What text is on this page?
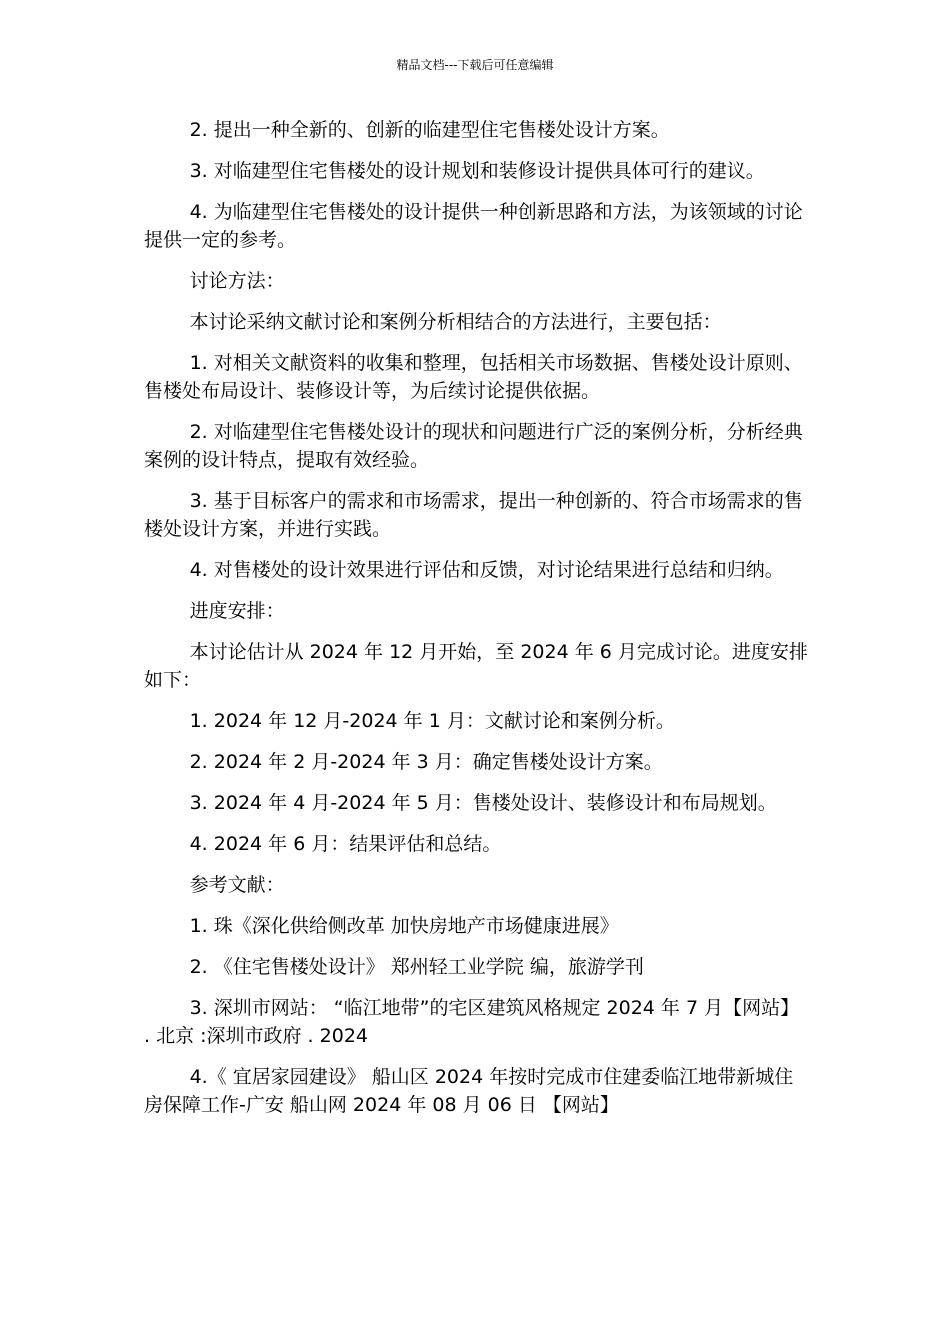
精品文档---下载后可任意编辑

2. 提出一种全新的、创新的临建型住宅售楼处设计方案。

3. 对临建型住宅售楼处的设计规划和装修设计提供具体可行的建议。

4. 为临建型住宅售楼处的设计提供一种创新思路和方法，为该领域的讨论提供一定的参考。

讨论方法：

本讨论采纳文献讨论和案例分析相结合的方法进行，主要包括：

1. 对相关文献资料的收集和整理，包括相关市场数据、售楼处设计原则、售楼处布局设计、装修设计等，为后续讨论提供依据。

2. 对临建型住宅售楼处设计的现状和问题进行广泛的案例分析，分析经典案例的设计特点，提取有效经验。

3. 基于目标客户的需求和市场需求，提出一种创新的、符合市场需求的售楼处设计方案，并进行实践。

4. 对售楼处的设计效果进行评估和反馈，对讨论结果进行总结和归纳。

进度安排：

本讨论估计从 2024 年 12 月开始，至 2024 年 6 月完成讨论。进度安排如下：

1. 2024 年 12 月-2024 年 1 月：文献讨论和案例分析。

2. 2024 年 2 月-2024 年 3 月：确定售楼处设计方案。

3. 2024 年 4 月-2024 年 5 月：售楼处设计、装修设计和布局规划。

4. 2024 年 6 月：结果评估和总结。

参考文献：

1. 珠《深化供给侧改革 加快房地产市场健康进展》

2. 《住宅售楼处设计》 郑州轻工业学院 编，旅游学刊

3. 深圳市网站： “临江地带”的宅区建筑风格规定 2024 年 7 月【网站】 . 北京 :深圳市政府 . 2024

4.《 宜居家园建设》 船山区 2024 年按时完成市住建委临江地带新城住房保障工作-广安 船山网 2024 年 08 月 06 日 【网站】
